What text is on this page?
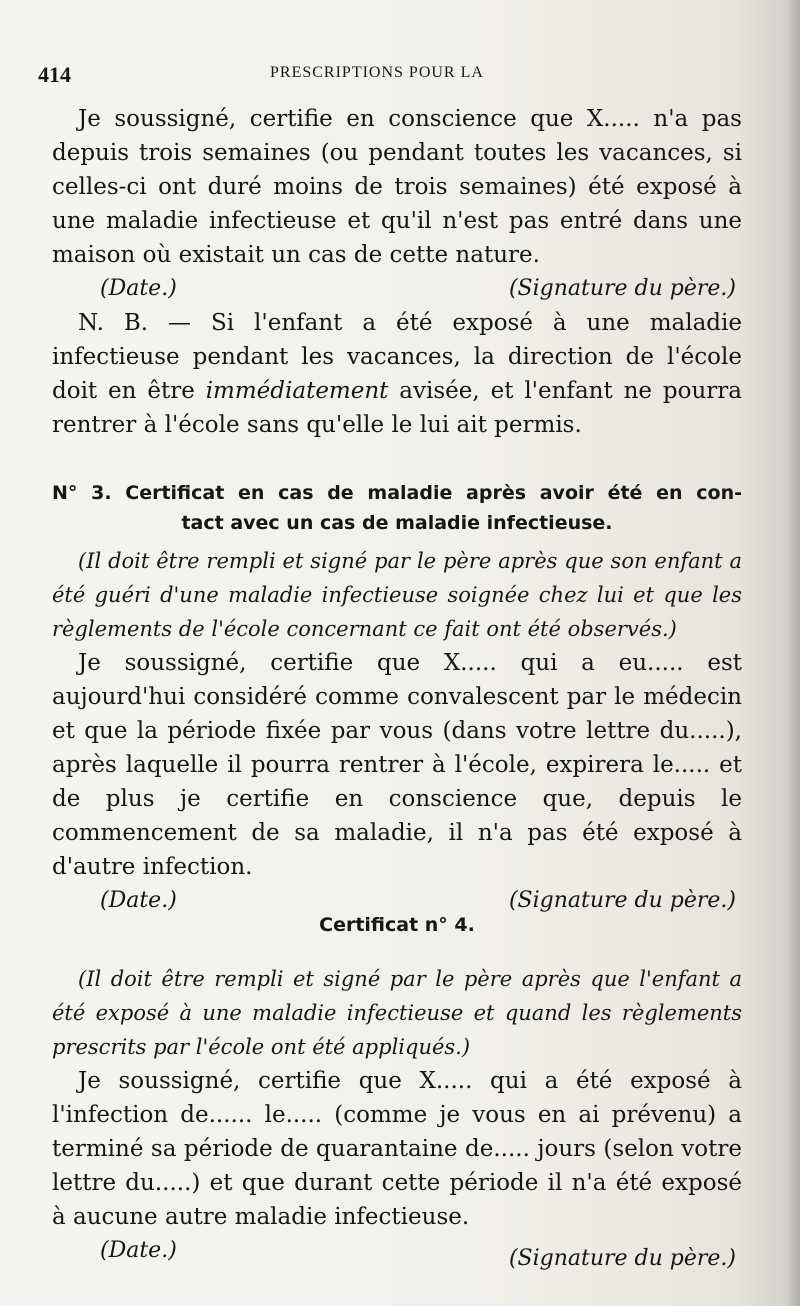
414	PRESCRIPTIONS POUR LA

Je soussigné, certifie en conscience que X..... n'a pas depuis trois semaines (ou pendant toutes les vacances, si celles-ci ont duré moins de trois semaines) été exposé à une maladie infectieuse et qu'il n'est pas entré dans une maison où existait un cas de cette nature.

(Date.)	(Signature du père.)

N. B. — Si l'enfant a été exposé à une maladie infectieuse pendant les vacances, la direction de l'école doit en être immédiatement avisée, et l'enfant ne pourra rentrer à l'école sans qu'elle le lui ait permis.

N° 3. Certificat en cas de maladie après avoir été en con-
tact avec un cas de maladie infectieuse.

(Il doit être rempli et signé par le père après que son enfant a été guéri d'une maladie infectieuse soignée chez lui et que les règlements de l'école concernant ce fait ont été observés.)

Je soussigné, certifie que X..... qui a eu..... est aujourd'hui considéré comme convalescent par le médecin et que la période fixée par vous (dans votre lettre du.....), après laquelle il pourra rentrer à l'école, expirera le..... et de plus je certifie en conscience que, depuis le commencement de sa maladie, il n'a pas été exposé à d'autre infection.

(Date.)	(Signature du père.)
Certificat n° 4.

(Il doit être rempli et signé par le père après que l'enfant a été exposé à une maladie infectieuse et quand les règlements prescrits par l'école ont été appliqués.)

Je soussigné, certifie que X..... qui a été exposé à l'infection de...... le..... (comme je vous en ai prévenu) a terminé sa période de quarantaine de..... jours (selon votre lettre du.....) et que durant cette période il n'a été exposé à aucune autre maladie infectieuse.

(Date.)	(Signature du père.)
